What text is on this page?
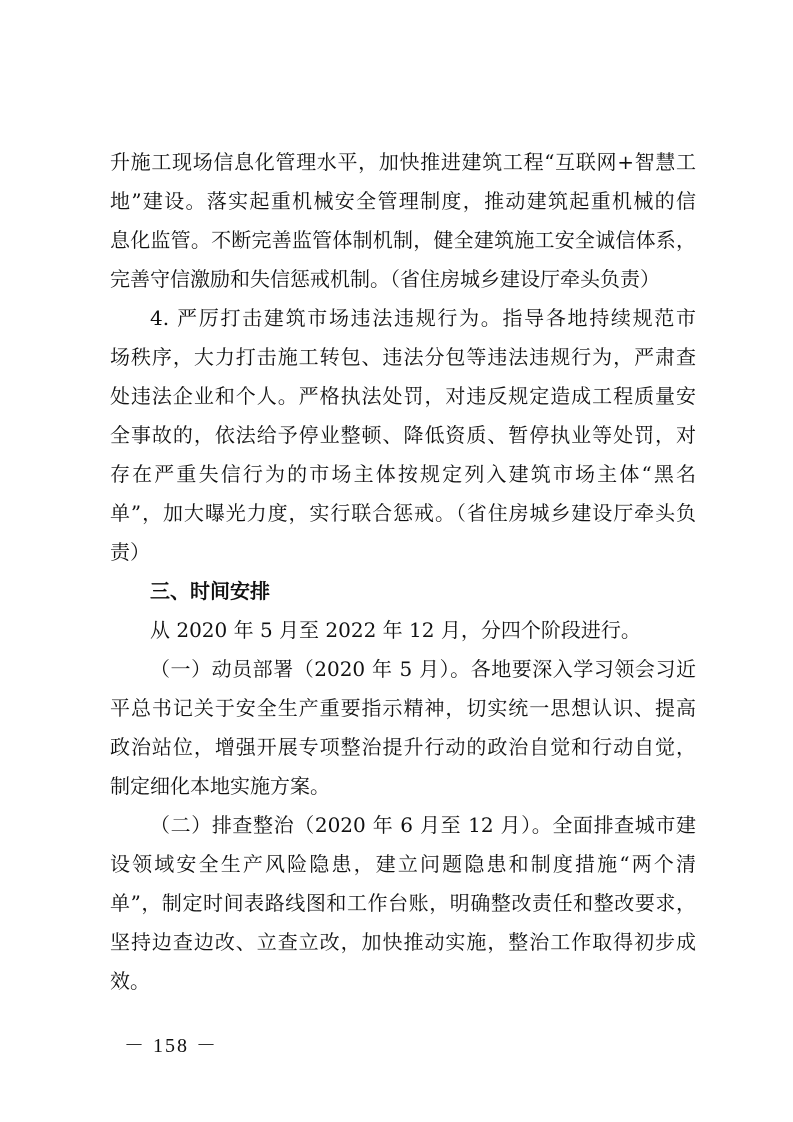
升施工现场信息化管理水平，加快推进建筑工程“互联网+智慧工
地”建设。落实起重机械安全管理制度，推动建筑起重机械的信
息化监管。不断完善监管体制机制，健全建筑施工安全诚信体系，
完善守信激励和失信惩戒机制。（省住房城乡建设厅牵头负责）
4. 严厉打击建筑市场违法违规行为。指导各地持续规范市
场秩序，大力打击施工转包、违法分包等违法违规行为，严肃查
处违法企业和个人。严格执法处罚，对违反规定造成工程质量安
全事故的，依法给予停业整顿、降低资质、暂停执业等处罚，对
存在严重失信行为的市场主体按规定列入建筑市场主体“黑名
单”，加大曝光力度，实行联合惩戒。（省住房城乡建设厅牵头负
责）
三、时间安排
从 2020 年 5 月至 2022 年 12 月，分四个阶段进行。
（一）动员部署（2020 年 5 月）。各地要深入学习领会习近
平总书记关于安全生产重要指示精神，切实统一思想认识、提高
政治站位，增强开展专项整治提升行动的政治自觉和行动自觉，
制定细化本地实施方案。
（二）排查整治（2020 年 6 月至 12 月）。全面排查城市建
设领域安全生产风险隐患，建立问题隐患和制度措施“两个清
单”，制定时间表路线图和工作台账，明确整改责任和整改要求，
坚持边查边改、立查立改，加快推动实施，整治工作取得初步成
效。
－ 158 －
